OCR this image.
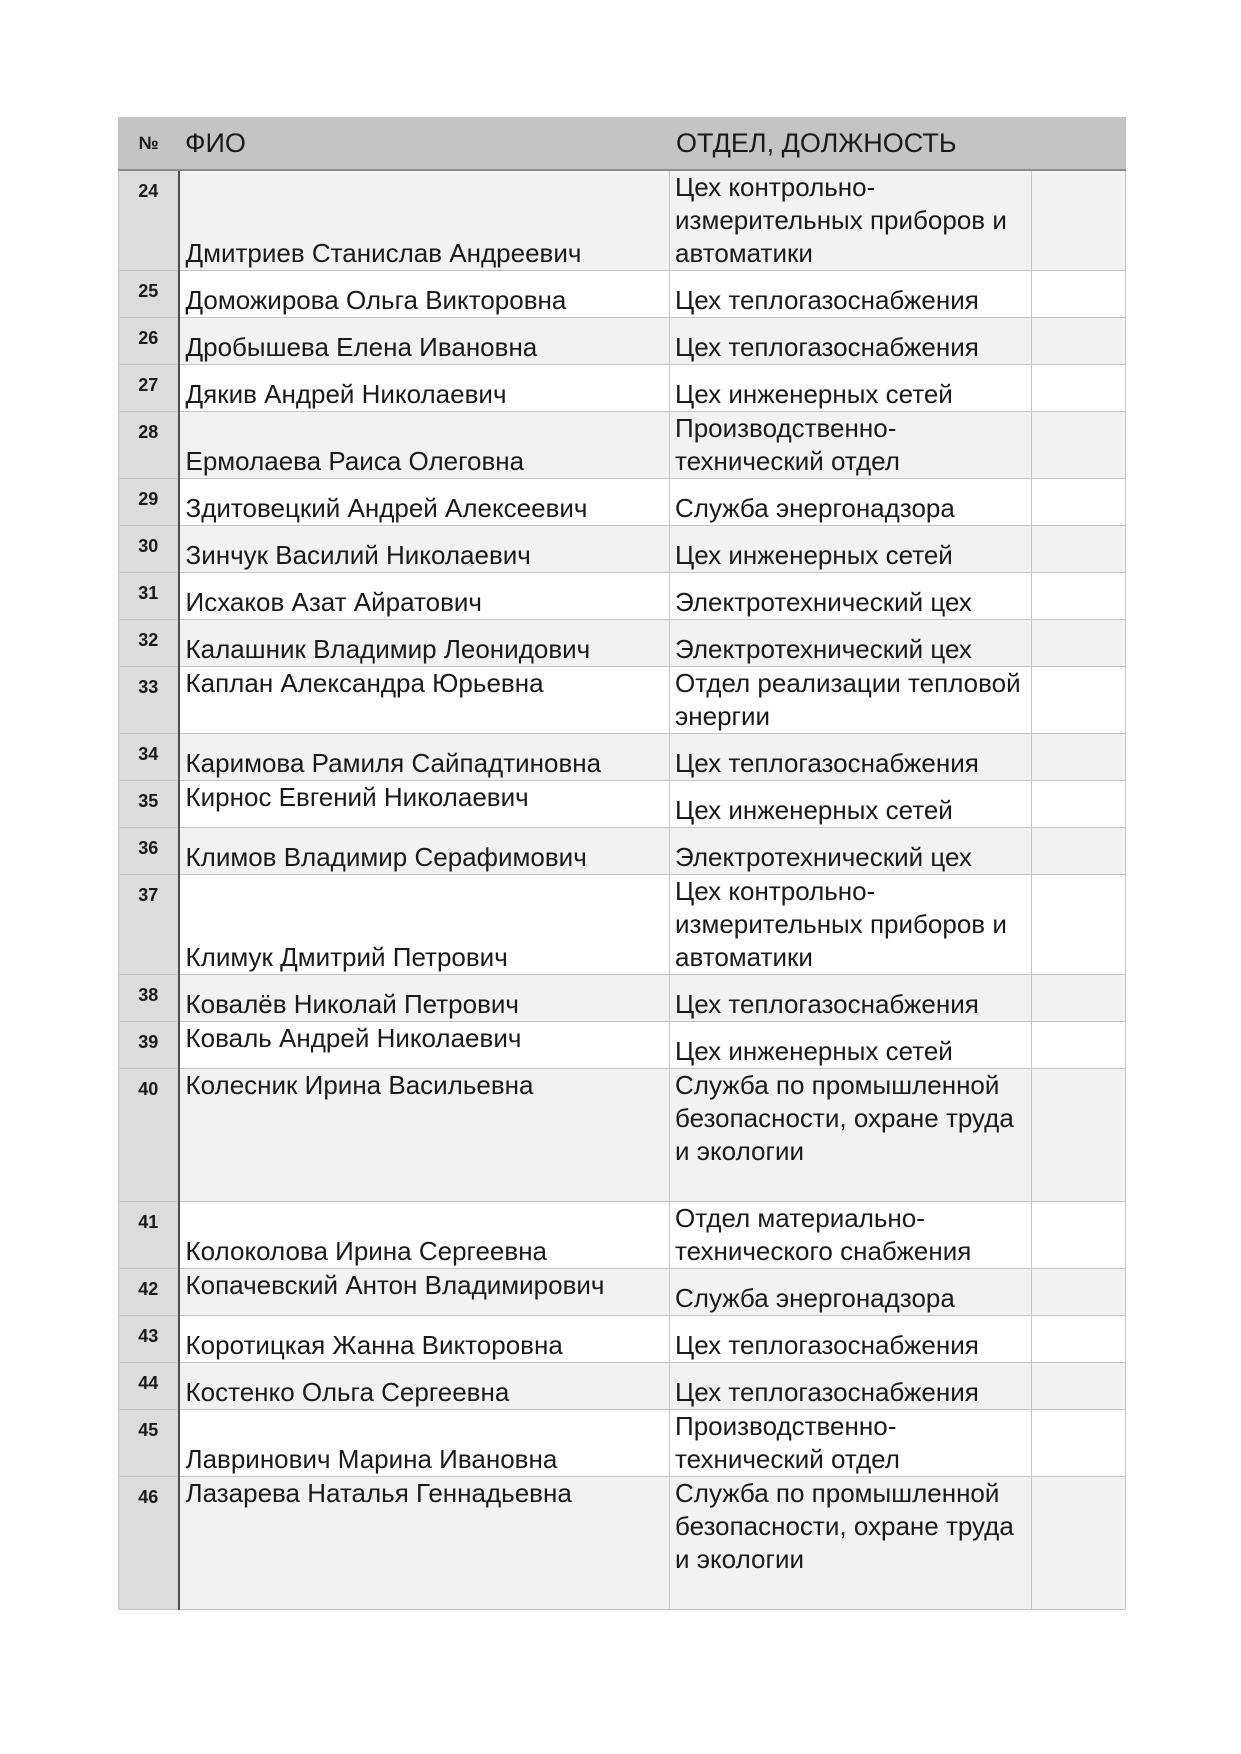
№	ФИО	ОТДЕЛ, ДОЛЖНОСТЬ	
24	Дмитриев Станислав Андреевич	Цех контрольно-измерительных приборов и автоматики	
25	Доможирова Ольга Викторовна	Цех теплогазоснабжения	
26	Дробышева Елена Ивановна	Цех теплогазоснабжения	
27	Дякив Андрей Николаевич	Цех инженерных сетей	
28	Ермолаева Раиса Олеговна	Производственно-технический отдел	
29	Здитовецкий Андрей Алексеевич	Служба энергонадзора	
30	Зинчук Василий Николаевич	Цех инженерных сетей	
31	Исхаков Азат Айратович	Электротехнический цех	
32	Калашник Владимир Леонидович	Электротехнический цех	
33	Каплан Александра Юрьевна	Отдел реализации тепловой энергии	
34	Каримова Рамиля Сайпадтиновна	Цех теплогазоснабжения	
35	Кирнос Евгений Николаевич	Цех инженерных сетей	
36	Климов Владимир Серафимович	Электротехнический цех	
37	Климук Дмитрий Петрович	Цех контрольно-измерительных приборов и автоматики	
38	Ковалёв Николай Петрович	Цех теплогазоснабжения	
39	Коваль Андрей Николаевич	Цех инженерных сетей	
40	Колесник Ирина Васильевна	Служба по промышленной безопасности, охране труда и экологии	
41	Колоколова Ирина Сергеевна	Отдел материально-технического снабжения	
42	Копачевский Антон Владимирович	Служба энергонадзора	
43	Коротицкая Жанна Викторовна	Цех теплогазоснабжения	
44	Костенко Ольга Сергеевна	Цех теплогазоснабжения	
45	Лавринович Марина Ивановна	Производственно-технический отдел	
46	Лазарева Наталья Геннадьевна	Служба по промышленной безопасности, охране труда и экологии	
